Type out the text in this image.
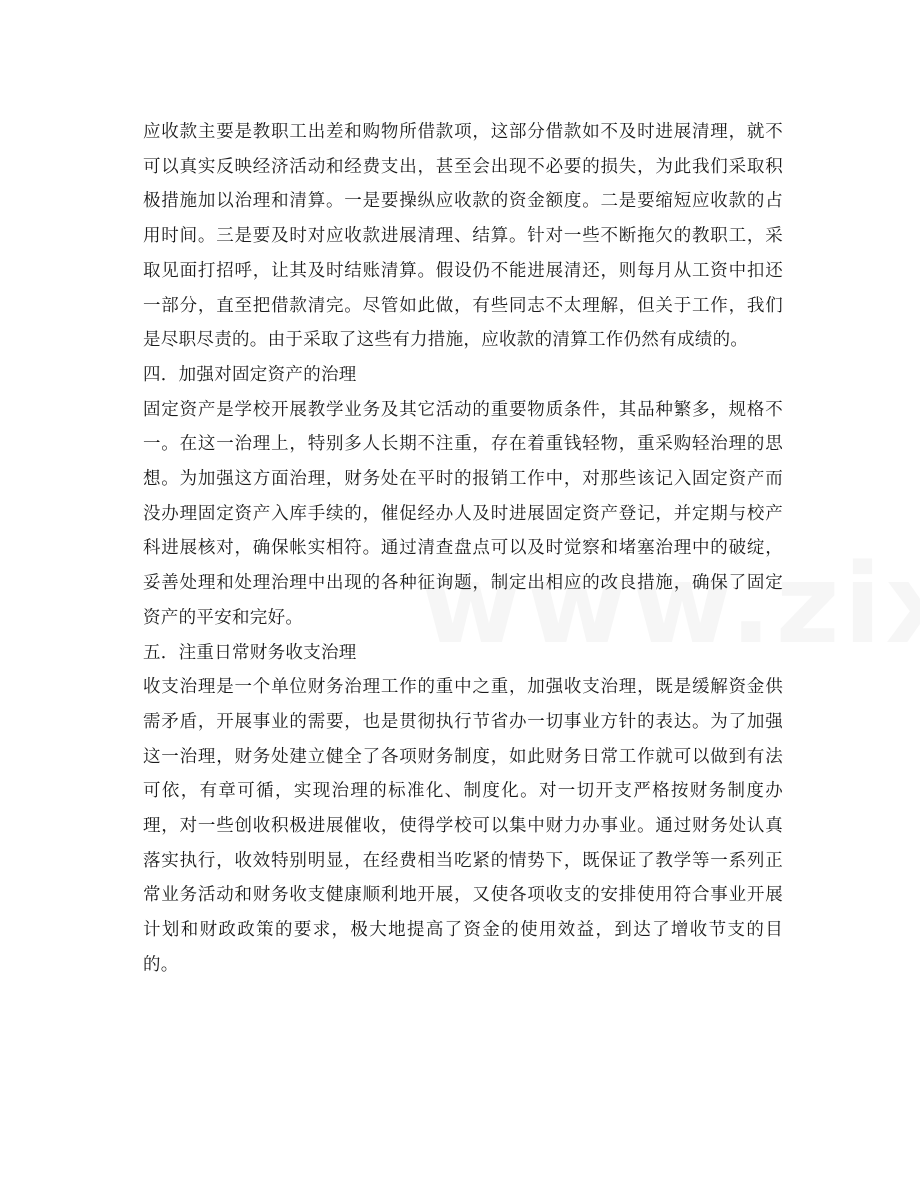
应收款主要是教职工出差和购物所借款项，这部分借款如不及时进展清理，就不可以真实反映经济活动和经费支出，甚至会出现不必要的损失，为此我们采取积极措施加以治理和清算。一是要操纵应收款的资金额度。二是要缩短应收款的占用时间。三是要及时对应收款进展清理、结算。针对一些不断拖欠的教职工，采取见面打招呼，让其及时结账清算。假设仍不能进展清还，则每月从工资中扣还一部分，直至把借款清完。尽管如此做，有些同志不太理解，但关于工作，我们是尽职尽责的。由于采取了这些有力措施，应收款的清算工作仍然有成绩的。

四．加强对固定资产的治理

固定资产是学校开展教学业务及其它活动的重要物质条件，其品种繁多，规格不一。在这一治理上，特别多人长期不注重，存在着重钱轻物，重采购轻治理的思想。为加强这方面治理，财务处在平时的报销工作中，对那些该记入固定资产而没办理固定资产入库手续的，催促经办人及时进展固定资产登记，并定期与校产科进展核对，确保帐实相符。通过清查盘点可以及时觉察和堵塞治理中的破绽，妥善处理和处理治理中出现的各种征询题，制定出相应的改良措施，确保了固定资产的平安和完好。

五．注重日常财务收支治理

收支治理是一个单位财务治理工作的重中之重，加强收支治理，既是缓解资金供需矛盾，开展事业的需要，也是贯彻执行节省办一切事业方针的表达。为了加强这一治理，财务处建立健全了各项财务制度，如此财务日常工作就可以做到有法可依，有章可循，实现治理的标准化、制度化。对一切开支严格按财务制度办理，对一些创收积极进展催收，使得学校可以集中财力办事业。通过财务处认真落实执行，收效特别明显，在经费相当吃紧的情势下，既保证了教学等一系列正常业务活动和财务收支健康顺利地开展，又使各项收支的安排使用符合事业开展计划和财政政策的要求，极大地提高了资金的使用效益，到达了增收节支的目的。
